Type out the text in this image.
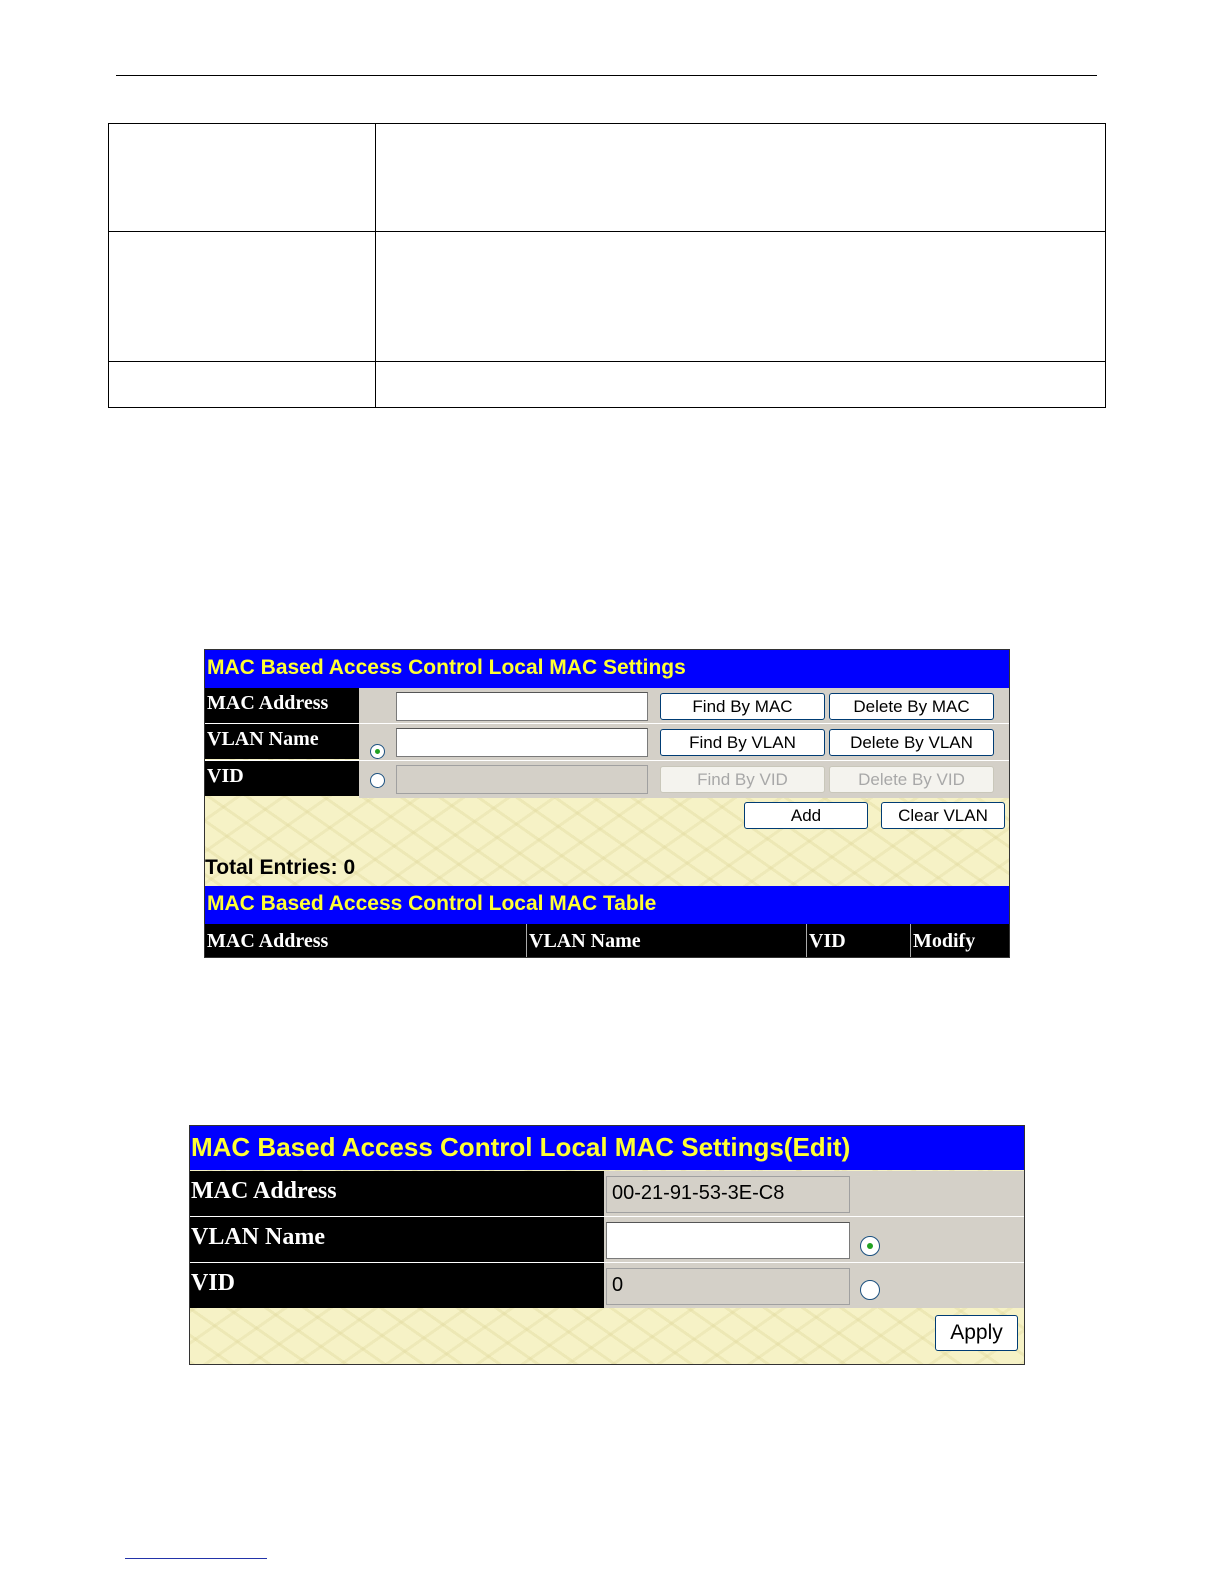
MAC Based Access Control Local MAC Settings
MAC Address	Find By MAC	Delete By MAC
VLAN Name	Find By VLAN	Delete By VLAN
VID	Find By VID	Delete By VID
Add	Clear VLAN
Total Entries: 0
MAC Based Access Control Local MAC Table
MAC Address	VLAN Name	VID	Modify
MAC Based Access Control Local MAC Settings(Edit)
MAC Address	00-21-91-53-3E-C8
VLAN Name
VID	0
Apply
